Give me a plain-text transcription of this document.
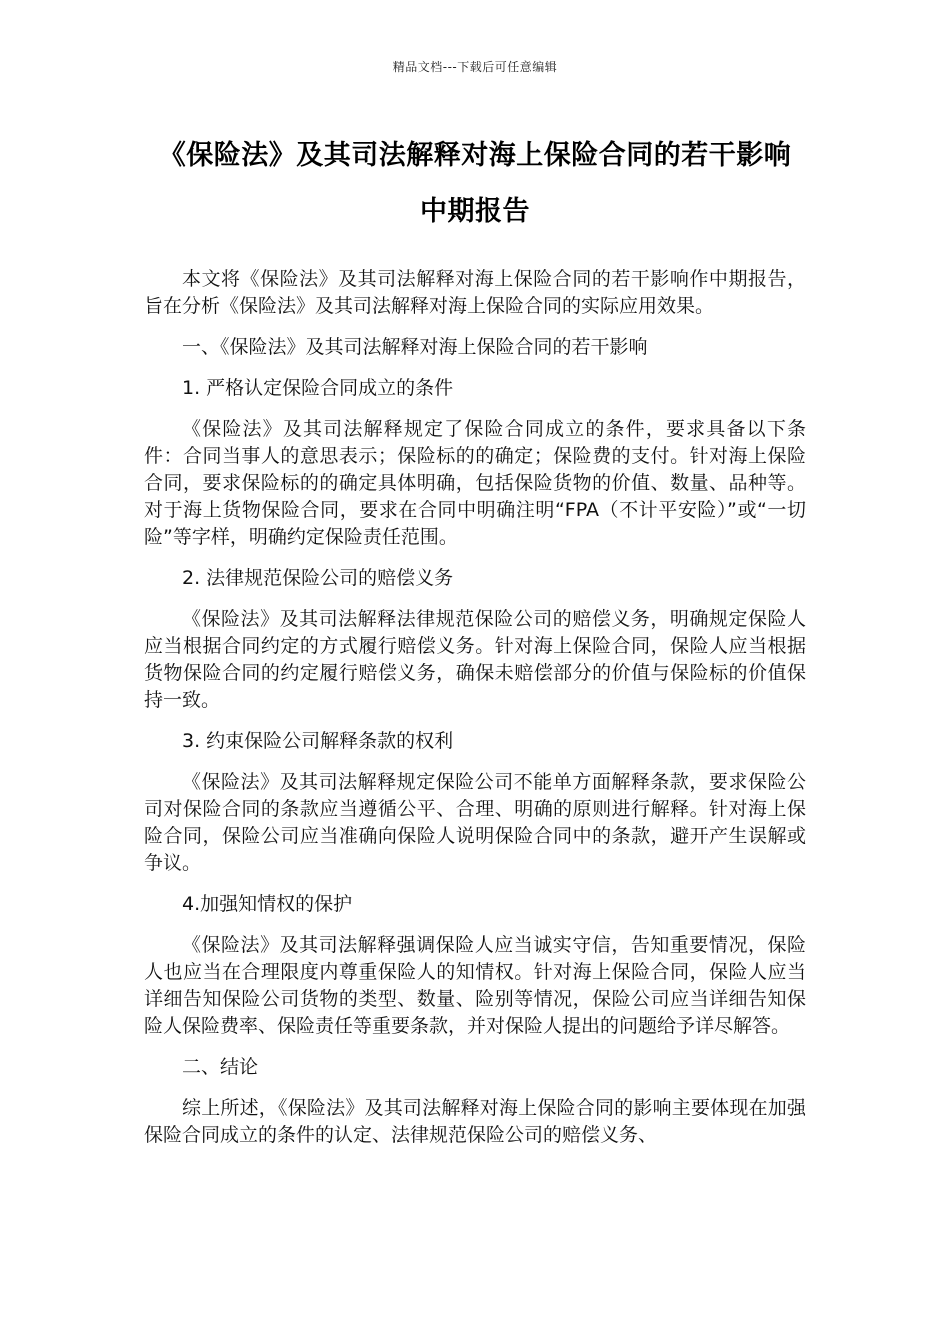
精品文档---下载后可任意编辑
《保险法》及其司法解释对海上保险合同的若干影响
中期报告

本文将《保险法》及其司法解释对海上保险合同的若干影响作中期报告，旨在分析《保险法》及其司法解释对海上保险合同的实际应用效果。

一、《保险法》及其司法解释对海上保险合同的若干影响

1. 严格认定保险合同成立的条件

《保险法》及其司法解释规定了保险合同成立的条件，要求具备以下条件：合同当事人的意思表示；保险标的的确定；保险费的支付。针对海上保险合同，要求保险标的的确定具体明确，包括保险货物的价值、数量、品种等。对于海上货物保险合同，要求在合同中明确注明“FPA（不计平安险）”或“一切险”等字样，明确约定保险责任范围。

2. 法律规范保险公司的赔偿义务

《保险法》及其司法解释法律规范保险公司的赔偿义务，明确规定保险人应当根据合同约定的方式履行赔偿义务。针对海上保险合同，保险人应当根据货物保险合同的约定履行赔偿义务，确保未赔偿部分的价值与保险标的价值保持一致。

3. 约束保险公司解释条款的权利

《保险法》及其司法解释规定保险公司不能单方面解释条款，要求保险公司对保险合同的条款应当遵循公平、合理、明确的原则进行解释。针对海上保险合同，保险公司应当准确向保险人说明保险合同中的条款，避开产生误解或争议。

4.加强知情权的保护

《保险法》及其司法解释强调保险人应当诚实守信，告知重要情况，保险人也应当在合理限度内尊重保险人的知情权。针对海上保险合同，保险人应当详细告知保险公司货物的类型、数量、险别等情况，保险公司应当详细告知保险人保险费率、保险责任等重要条款，并对保险人提出的问题给予详尽解答。

二、结论

综上所述，《保险法》及其司法解释对海上保险合同的影响主要体现在加强保险合同成立的条件的认定、法律规范保险公司的赔偿义务、
